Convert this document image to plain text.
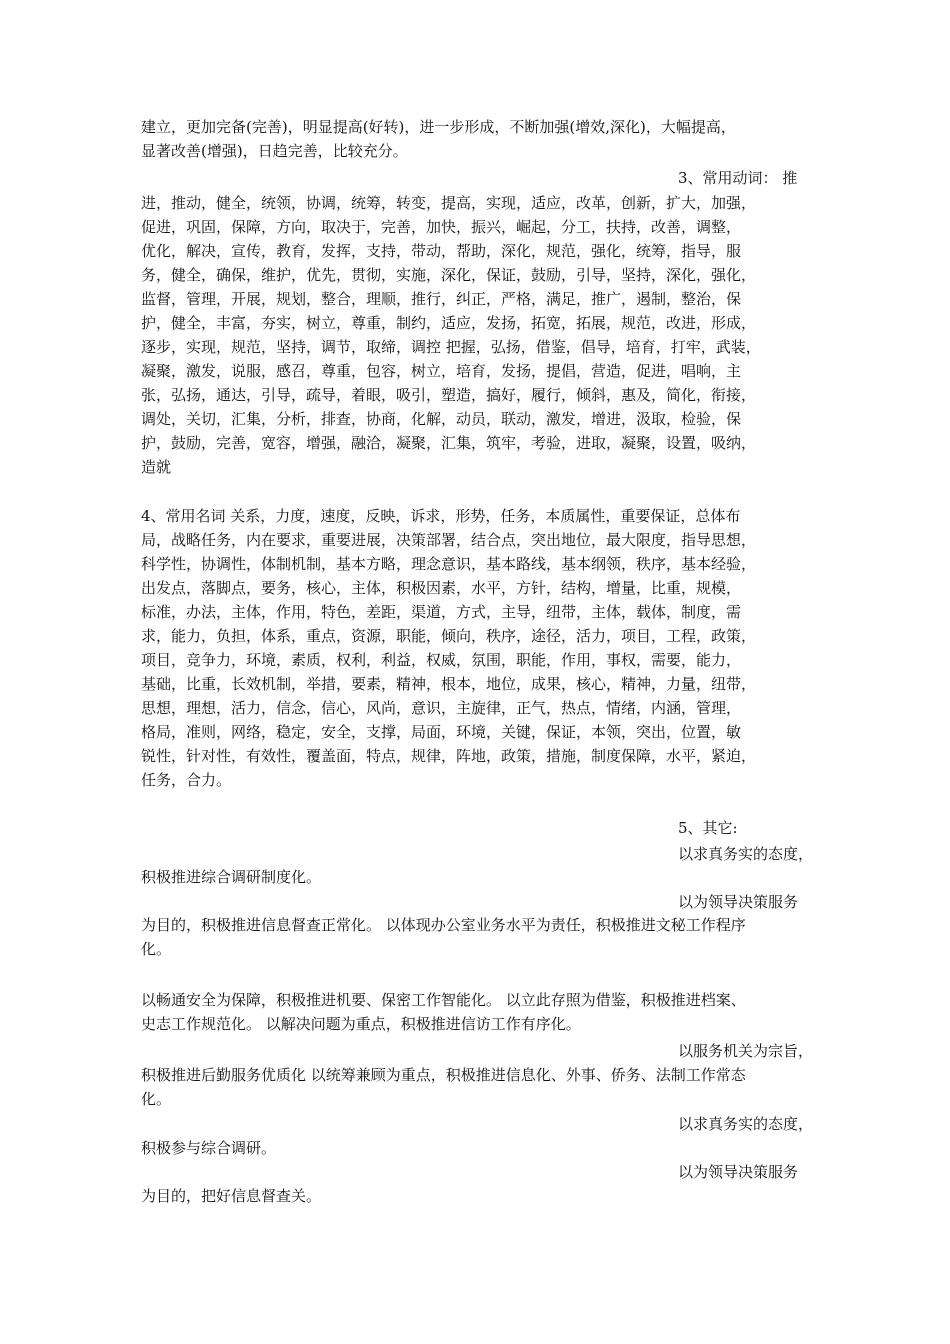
建立，更加完备(完善)，明显提高(好转)，进一步形成，不断加强(增效,深化)，大幅提高，
显著改善(增强)，日趋完善，比较充分。
3、常用动词： 推
进，推动，健全，统领，协调，统筹，转变，提高，实现，适应，改革，创新，扩大，加强，
促进，巩固，保障，方向，取决于，完善，加快，振兴，崛起，分工，扶持，改善，调整，
优化，解决，宣传，教育，发挥，支持，带动，帮助，深化，规范，强化，统筹，指导，服
务，健全，确保，维护，优先，贯彻，实施，深化，保证，鼓励，引导，坚持，深化，强化，
监督，管理，开展，规划，整合，理顺，推行，纠正，严格，满足，推广，遏制，整治，保
护，健全，丰富，夯实，树立，尊重，制约，适应，发扬，拓宽，拓展，规范，改进，形成，
逐步，实现，规范，坚持，调节，取缔，调控 把握，弘扬，借鉴，倡导，培育，打牢，武装，
凝聚，激发，说服，感召，尊重，包容，树立，培育，发扬，提倡，营造，促进，唱响，主
张，弘扬，通达，引导，疏导，着眼，吸引，塑造，搞好，履行，倾斜，惠及，简化，衔接，
调处，关切，汇集，分析，排查，协商，化解，动员，联动，激发，增进，汲取，检验，保
护，鼓励，完善，宽容，增强，融洽，凝聚，汇集，筑牢，考验，进取，凝聚，设置，吸纳，
造就
4、常用名词 关系，力度，速度，反映，诉求，形势，任务，本质属性，重要保证，总体布
局，战略任务，内在要求，重要进展，决策部署，结合点，突出地位，最大限度，指导思想，
科学性，协调性，体制机制，基本方略，理念意识，基本路线，基本纲领，秩序，基本经验，
出发点，落脚点，要务，核心，主体，积极因素，水平，方针，结构，增量，比重，规模，
标准，办法，主体，作用，特色，差距，渠道，方式，主导，纽带，主体，载体，制度，需
求，能力，负担，体系，重点，资源，职能，倾向，秩序，途径，活力，项目，工程，政策，
项目，竞争力，环境，素质，权利，利益，权威，氛围，职能，作用，事权，需要，能力，
基础，比重，长效机制，举措，要素，精神，根本，地位，成果，核心，精神，力量，纽带，
思想，理想，活力，信念，信心，风尚，意识，主旋律，正气，热点，情绪，内涵，管理，
格局，准则，网络，稳定，安全，支撑，局面，环境，关键，保证，本领，突出，位置，敏
锐性，针对性，有效性，覆盖面，特点，规律，阵地，政策，措施，制度保障，水平，紧迫，
任务，合力。
5、其它:
以求真务实的态度，
积极推进综合调研制度化。
以为领导决策服务
为目的，积极推进信息督查正常化。 以体现办公室业务水平为责任，积极推进文秘工作程序
化。
以畅通安全为保障，积极推进机要、保密工作智能化。 以立此存照为借鉴，积极推进档案、
史志工作规范化。 以解决问题为重点，积极推进信访工作有序化。
以服务机关为宗旨，
积极推进后勤服务优质化 以统筹兼顾为重点，积极推进信息化、外事、侨务、法制工作常态
化。
以求真务实的态度，
积极参与综合调研。
以为领导决策服务
为目的，把好信息督查关。
